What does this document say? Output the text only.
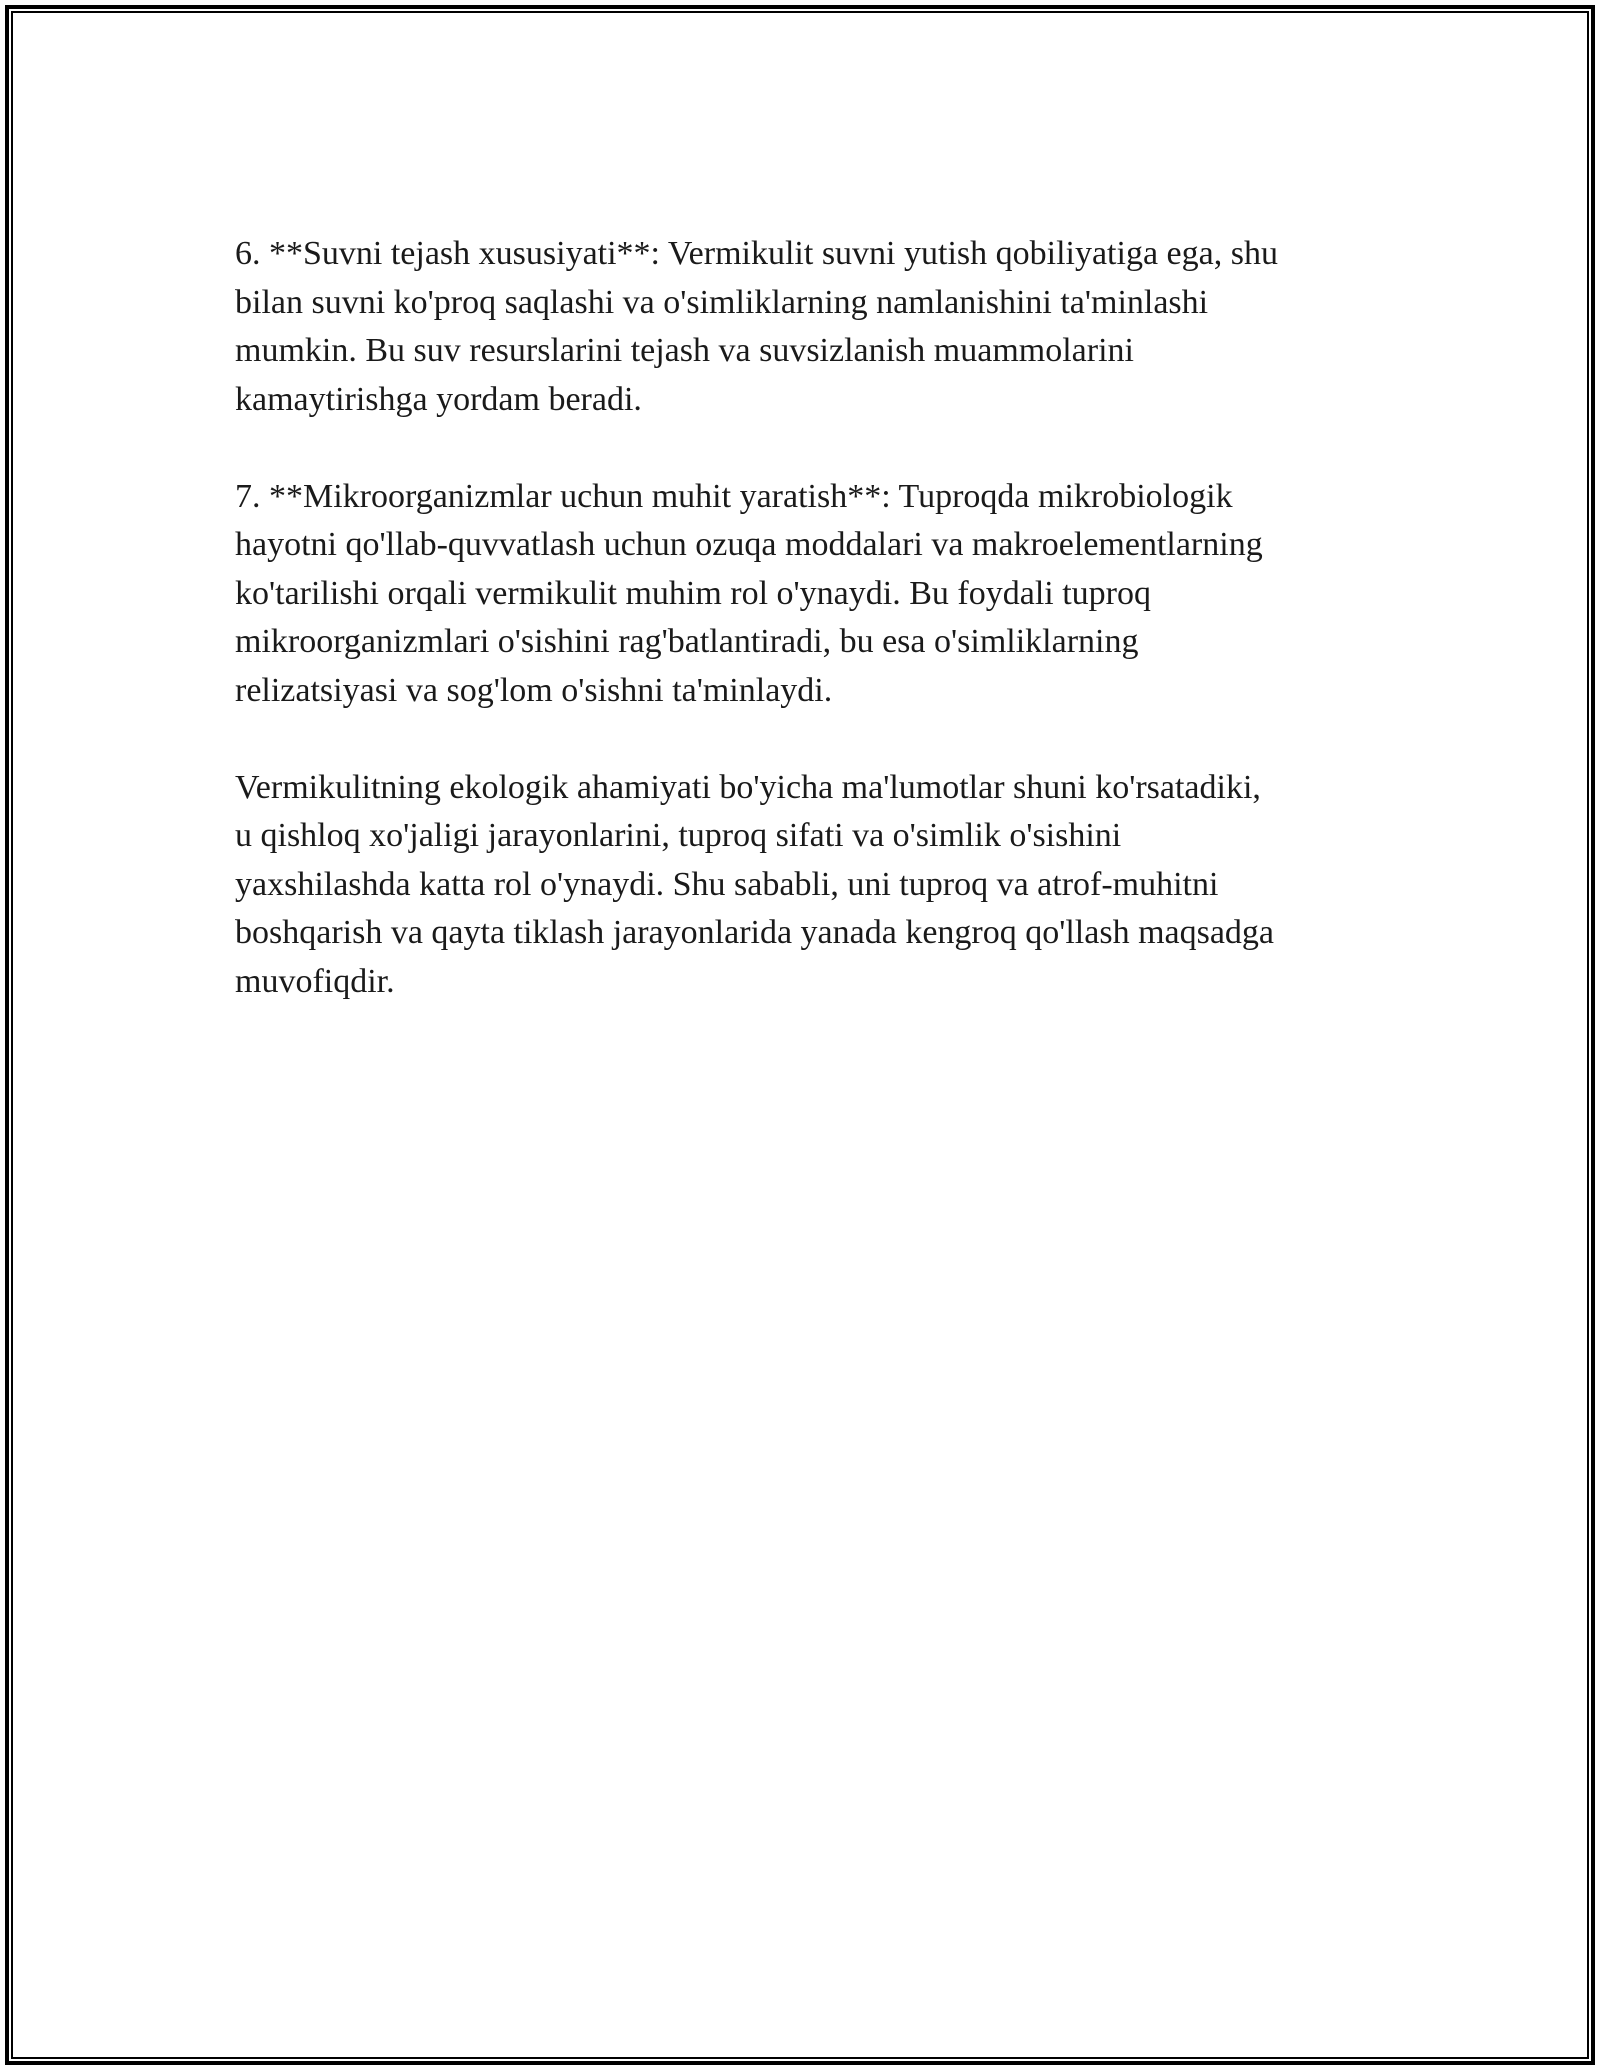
6. **Suvni tejash xususiyati**: Vermikulit suvni yutish qobiliyatiga ega, shu
bilan suvni ko'proq saqlashi va o'simliklarning namlanishini ta'minlashi
mumkin. Bu suv resurslarini tejash va suvsizlanish muammolarini
kamaytirishga yordam beradi.

7. **Mikroorganizmlar uchun muhit yaratish**: Tuproqda mikrobiologik
hayotni qo'llab-quvvatlash uchun ozuqa moddalari va makroelementlarning
ko'tarilishi orqali vermikulit muhim rol o'ynaydi. Bu foydali tuproq
mikroorganizmlari o'sishini rag'batlantiradi, bu esa o'simliklarning
relizatsiyasi va sog'lom o'sishni ta'minlaydi.

Vermikulitning ekologik ahamiyati bo'yicha ma'lumotlar shuni ko'rsatadiki,
u qishloq xo'jaligi jarayonlarini, tuproq sifati va o'simlik o'sishini
yaxshilashda katta rol o'ynaydi. Shu sababli, uni tuproq va atrof-muhitni
boshqarish va qayta tiklash jarayonlarida yanada kengroq qo'llash maqsadga
muvofiqdir.
